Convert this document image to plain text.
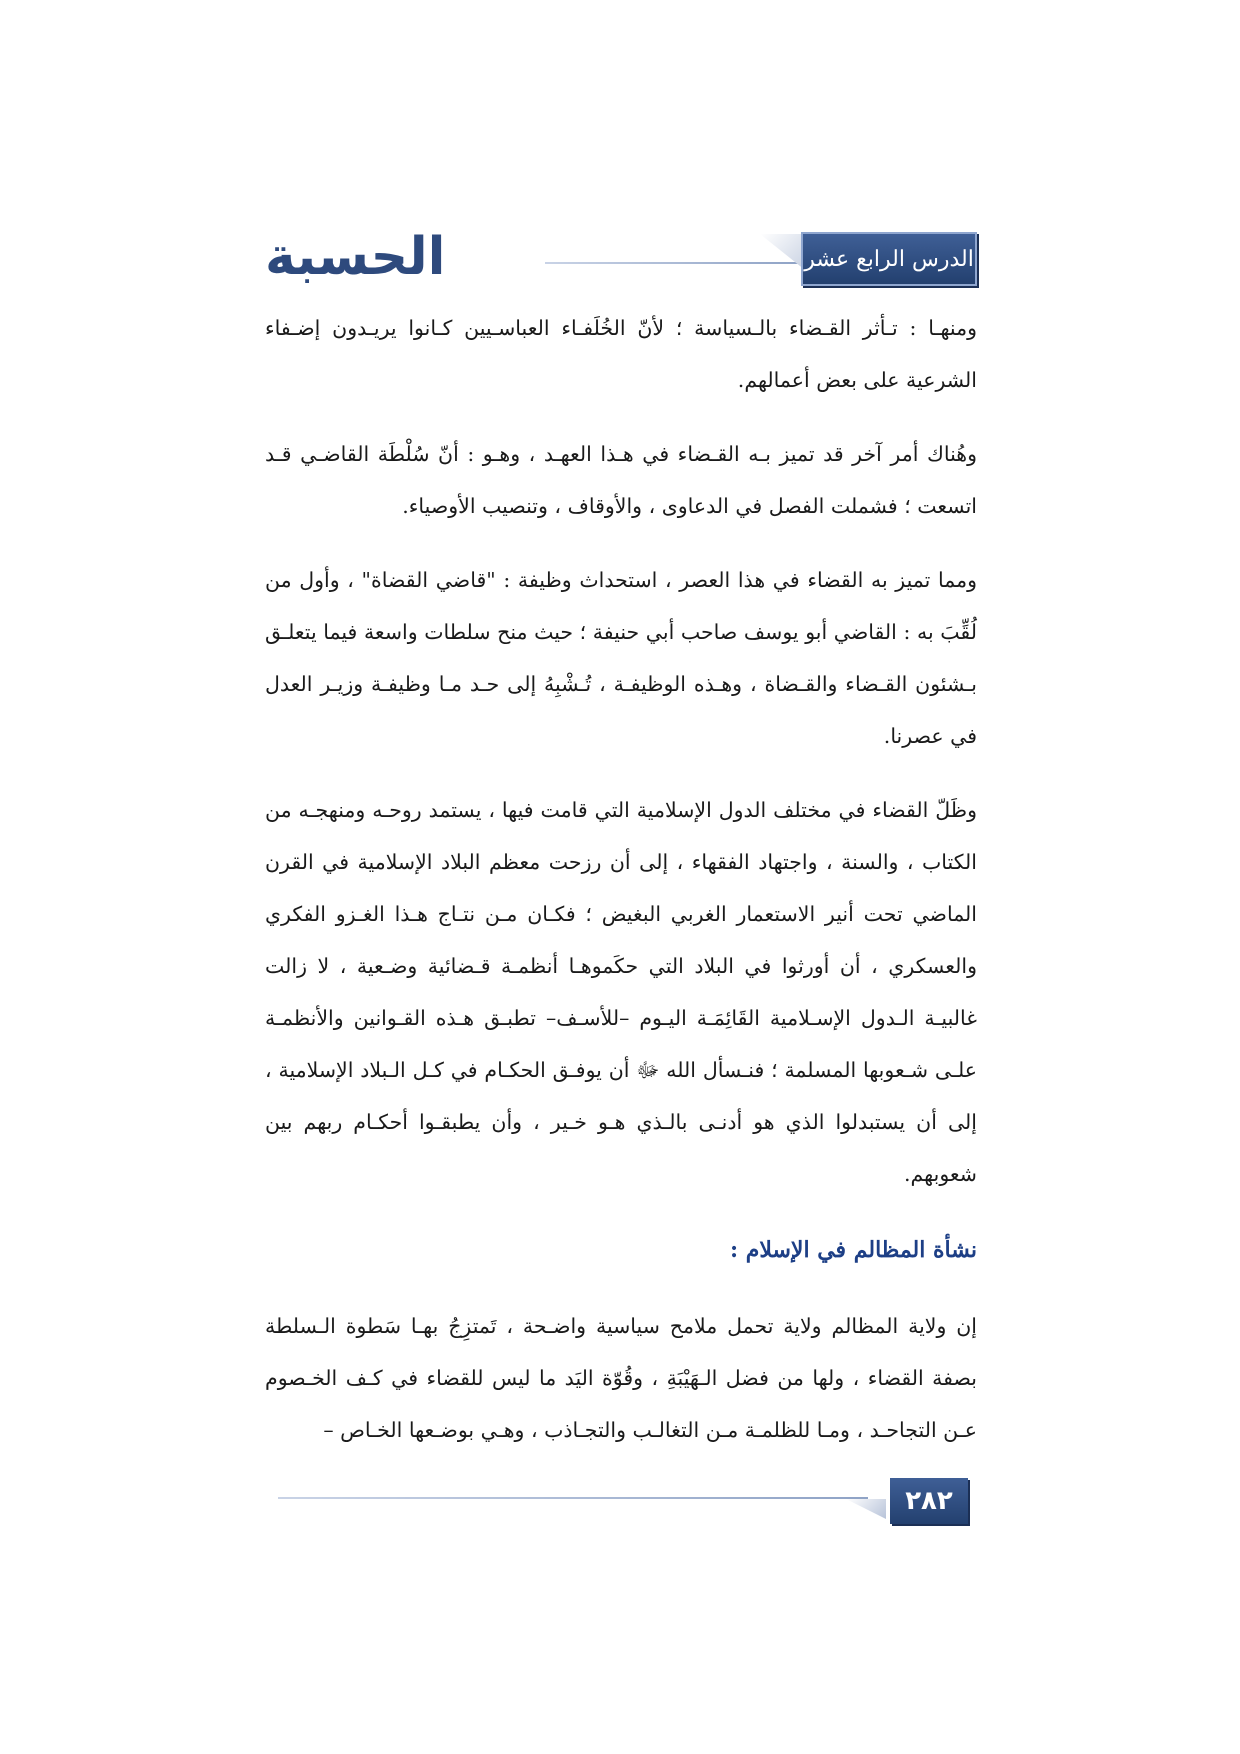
الحسبة	الدرس الرابع عشر

ومنهـا : تـأثر القـضاء بالـسياسة ؛ لأنّ الخُلَفـاء العباسـيين كـانوا يريـدون إضـفاء الشرعية على بعض أعمالهم.

وهُناك أمر آخر قد تميز بـه القـضاء في هـذا العهـد ، وهـو : أنّ سُلْطَة القاضـي قـد اتسعت ؛ فشملت الفصل في الدعاوى ، والأوقاف ، وتنصيب الأوصياء.

ومما تميز به القضاء في هذا العصر ، استحداث وظيفة : "قاضي القضاة" ، وأول من لُقِّبَ به : القاضي أبو يوسف صاحب أبي حنيفة ؛ حيث منح سلطات واسعة فيما يتعلـق بـشئون القـضاء والقـضاة ، وهـذه الوظيفـة ، تُـشْبِهُ إلى حـد مـا وظيفـة وزيـر العدل في عصرنا.

وظَلّ القضاء في مختلف الدول الإسلامية التي قامت فيها ، يستمد روحـه ومنهجـه من الكتاب ، والسنة ، واجتهاد الفقهاء ، إلى أن رزحت معظم البلاد الإسلامية في القرن الماضي تحت أنير الاستعمار الغربي البغيض ؛ فكـان مـن نتـاج هـذا الغـزو الفكري والعسكري ، أن أورثوا في البلاد التي حكَموهـا أنظمـة قـضائية وضـعية ، لا زالت غالبيـة الـدول الإسـلامية القَائِمَـة اليـوم –للأسـف– تطبـق هـذه القـوانين والأنظمـة علـى شـعوبها المسلمة ؛ فنـسأل الله ﷻ أن يوفـق الحكـام في كـل الـبلاد الإسلامية ، إلى أن يستبدلوا الذي هو أدنـى بالـذي هـو خـير ، وأن يطبقـوا أحكـام ربهم بين شعوبهم.

نشأة المظالم في الإسلام :

إن ولاية المظالم ولاية تحمل ملامح سياسية واضـحة ، تَمتزِجُ بهـا سَطوة الـسلطة بصفة القضاء ، ولها من فضل الـهَيْبَةِ ، وقُوّة اليَد ما ليس للقضاء في كـف الخـصوم عـن التجاحـد ، ومـا للظلمـة مـن التغالـب والتجـاذب ، وهـي بوضـعها الخـاص –

٢٨٢
